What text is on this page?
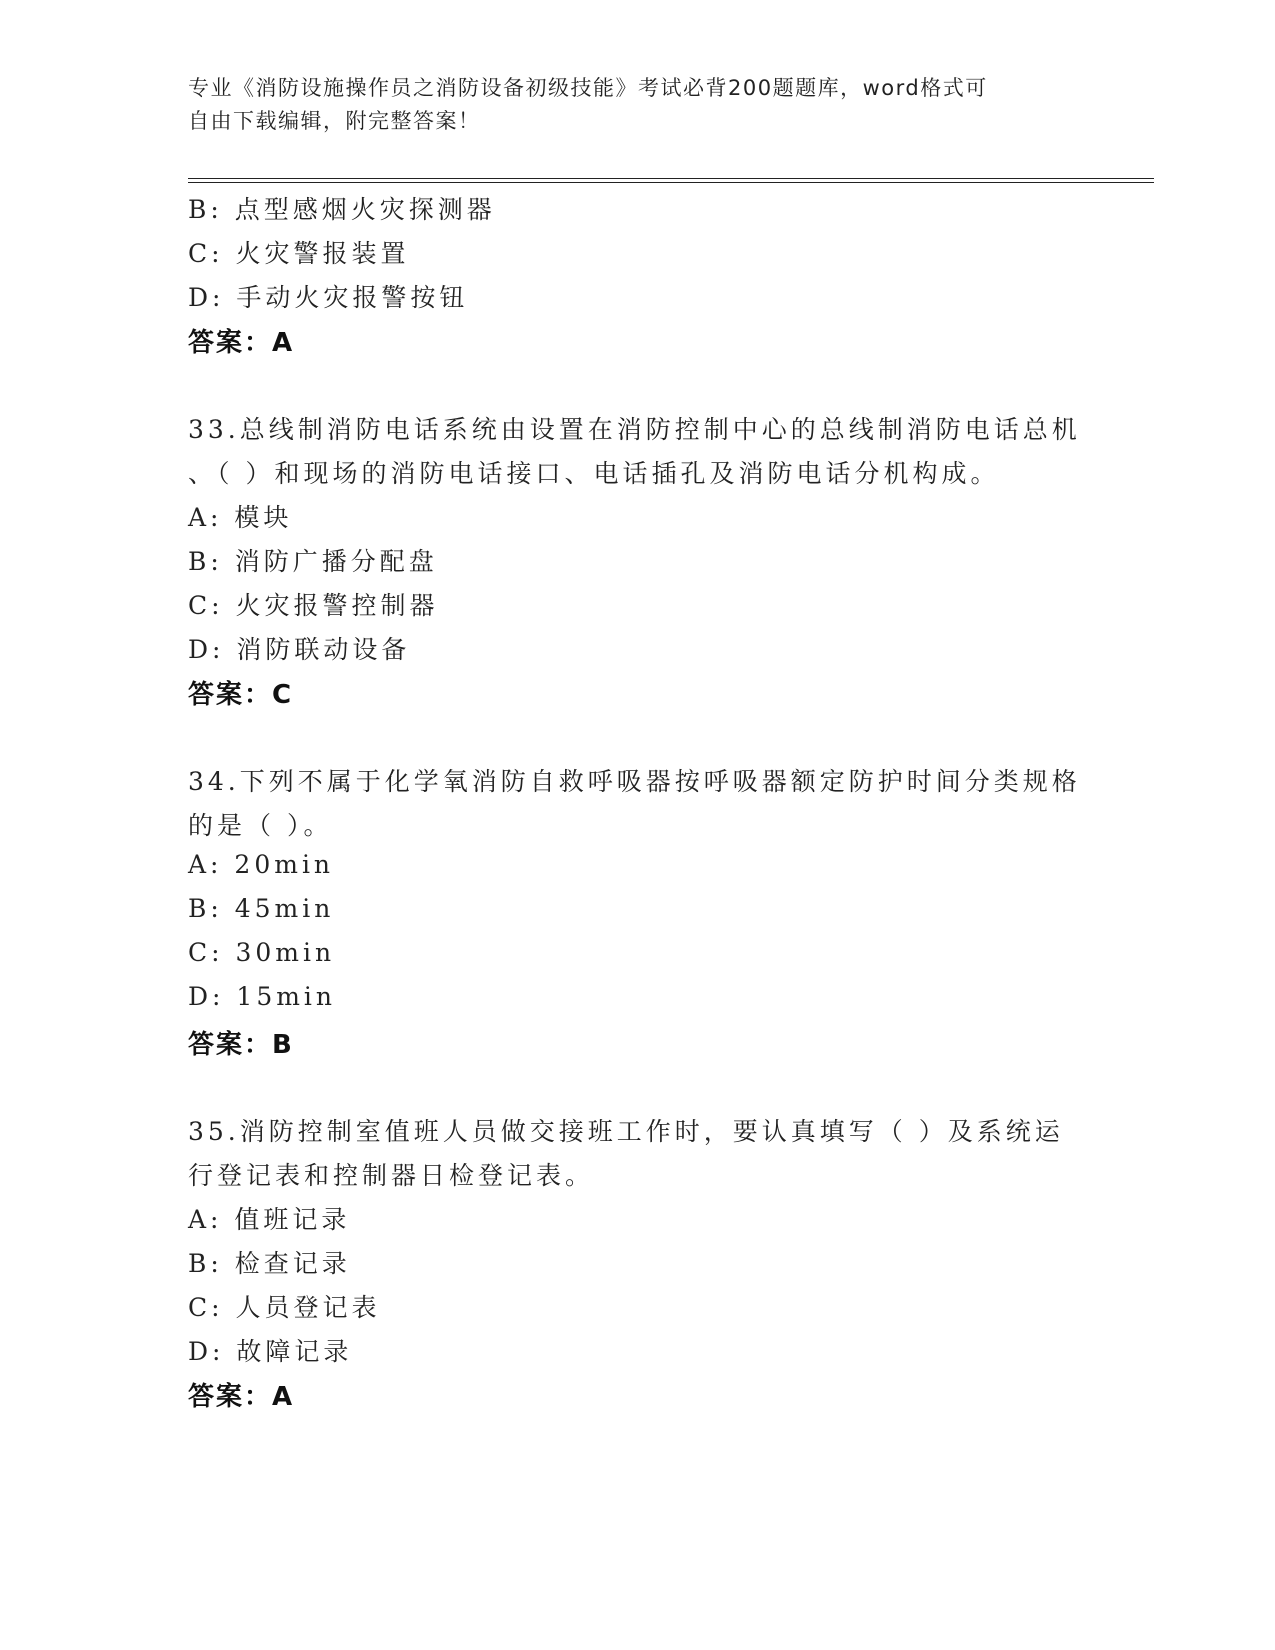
专业《消防设施操作员之消防设备初级技能》考试必背200题题库，word格式可
自由下载编辑，附完整答案！
B: 点型感烟火灾探测器
C: 火灾警报装置
D: 手动火灾报警按钮
答案：A
33.总线制消防电话系统由设置在消防控制中心的总线制消防电话总机
、（ ）和现场的消防电话接口、电话插孔及消防电话分机构成。
A: 模块
B: 消防广播分配盘
C: 火灾报警控制器
D: 消防联动设备
答案：C
34.下列不属于化学氧消防自救呼吸器按呼吸器额定防护时间分类规格
的是（ ）。
A: 20min
B: 45min
C: 30min
D: 15min
答案：B
35.消防控制室值班人员做交接班工作时，要认真填写（ ）及系统运
行登记表和控制器日检登记表。
A: 值班记录
B: 检查记录
C: 人员登记表
D: 故障记录
答案：A
